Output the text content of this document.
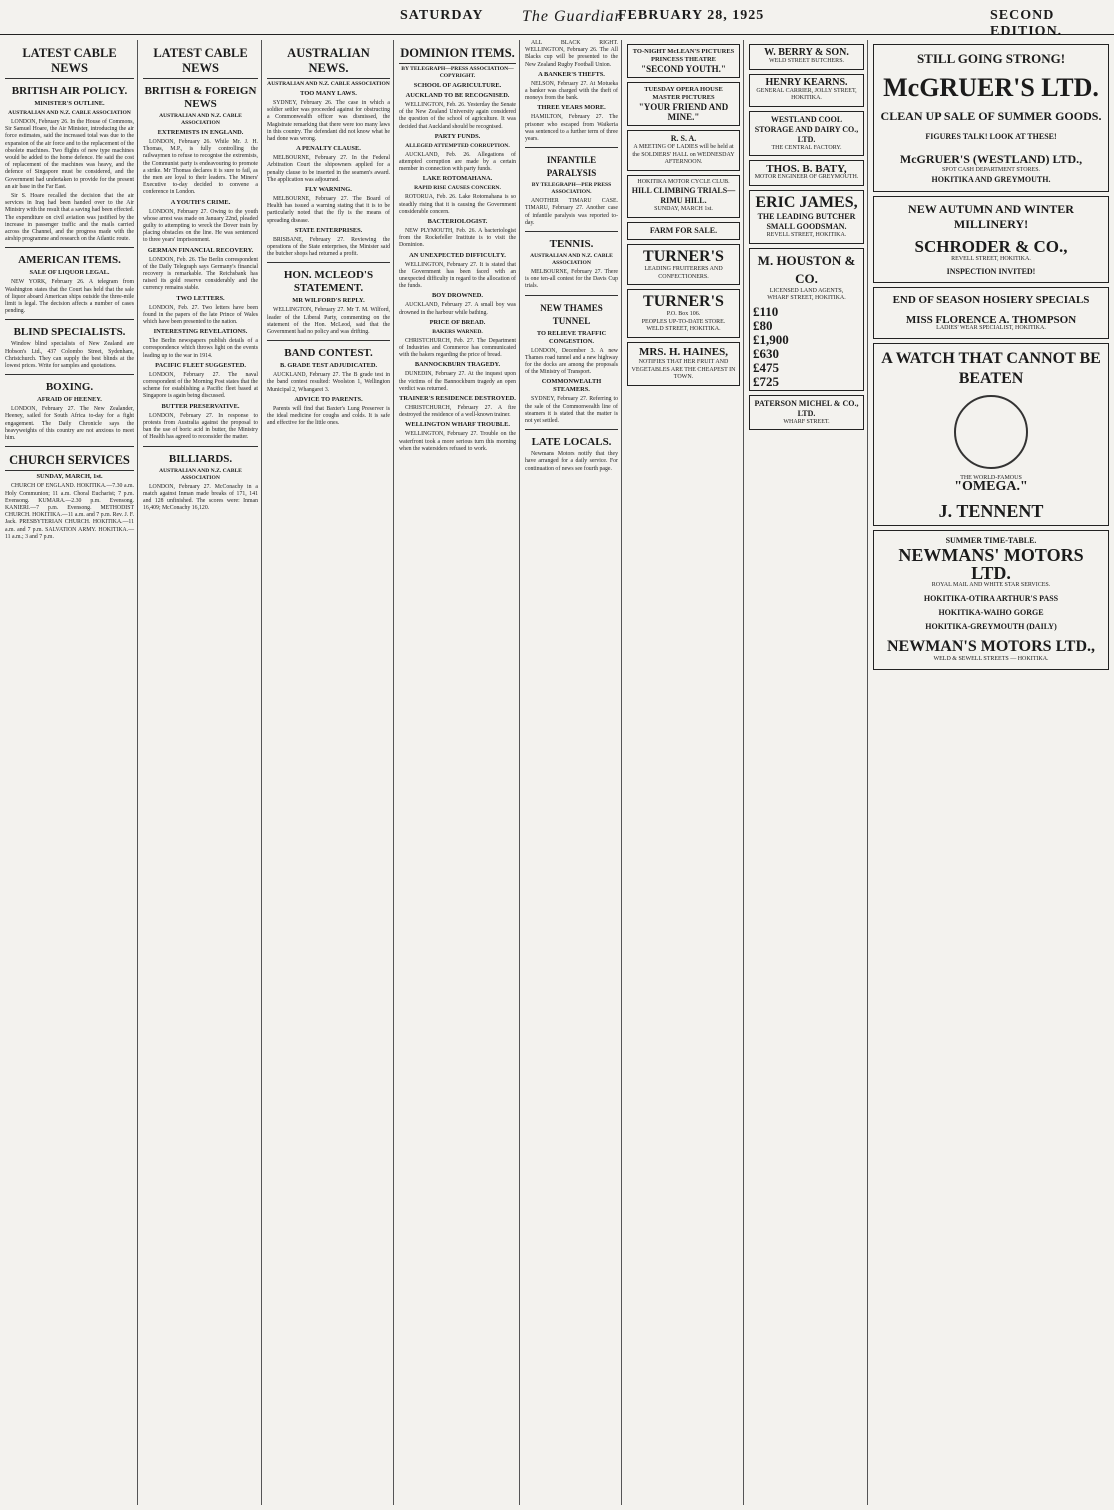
SATURDAY The Guardian
FEBRUARY 28, 1925	SECOND EDITION.
LATEST CABLE NEWS
BRITISH AIR POLICY.
MINISTER'S OUTLINE.
AUSTRALIAN AND N.Z. CABLE ASSOCIATION

LONDON, February 26. In the House of Commons, Sir Samuel Hoare, the Air Minister, introducing the air force estimates, said the increased total was due to the expansion of the air force and to the replacement of the obsolete machines. Two flights of new type machines would be added to the home defence. He said the cost of replacement of the machines was heavy, and the defence of Singapore must be considered, and the Government had undertaken to provide for the present an air base in the Far East.

Sir S. Hoare recalled the decision that the air services in Iraq had been handed over to the Air Ministry with the result that a saving had been effected. The expenditure on civil aviation was justified by the increase in passenger traffic and the mails carried across the Channel, and the progress made with the airship programme and research on the Atlantic route.

AMERICAN ITEMS.
SALE OF LIQUOR LEGAL.

NEW YORK, February 26. A telegram from Washington states that the Court has held that the sale of liquor aboard American ships outside the three-mile limit is legal. The decision affects a number of cases pending.

BLIND SPECIALISTS.

Window blind specialists of New Zealand are Hobson's Ltd., 437 Colombo Street, Sydenham, Christchurch. They can supply the best blinds at the lowest prices. Write for samples and quotations.

BOXING.
AFRAID OF HEENEY.

LONDON, February 27. The New Zealander, Heeney, sailed for South Africa to-day for a fight engagement. The Daily Chronicle says the heavyweights of this country are not anxious to meet him.

CHURCH SERVICES
SUNDAY, MARCH, 1st.

CHURCH OF ENGLAND. HOKITIKA.—7.30 a.m. Holy Communion; 11 a.m. Choral Eucharist; 7 p.m. Evensong. KUMARA.—2.30 p.m. Evensong. KANIERI.—7 p.m. Evensong. METHODIST CHURCH. HOKITIKA.—11 a.m. and 7 p.m. Rev. J. F. Jack. PRESBYTERIAN CHURCH. HOKITIKA.—11 a.m. and 7 p.m. SALVATION ARMY. HOKITIKA.—11 a.m.; 3 and 7 p.m.

LATEST CABLE NEWS
BRITISH & FOREIGN NEWS
AUSTRALIAN AND N.Z. CABLE ASSOCIATION
EXTREMISTS IN ENGLAND.

LONDON, February 26. While Mr. J. H. Thomas, M.P., is fully controlling the railwaymen to refuse to recognise the extremists, the Communist party is endeavouring to promote a strike. Mr Thomas declares it is sure to fail, as the men are loyal to their leaders. The Miners' Executive to-day decided to convene a conference in London.

A YOUTH'S CRIME.

LONDON, February 27. Owing to the youth whose arrest was made on January 22nd, pleaded guilty to attempting to wreck the Dover train by placing obstacles on the line. He was sentenced to three years' imprisonment.

GERMAN FINANCIAL RECOVERY.

LONDON, Feb. 26. The Berlin correspondent of the Daily Telegraph says Germany's financial recovery is remarkable. The Reichsbank has raised its gold reserve considerably and the currency remains stable.

TWO LETTERS.

LONDON, Feb. 27. Two letters have been found in the papers of the late Prince of Wales which have been presented to the nation.

INTERESTING REVELATIONS.

The Berlin newspapers publish details of a correspondence which throws light on the events leading up to the war in 1914.

PACIFIC FLEET SUGGESTED.

LONDON, February 27. The naval correspondent of the Morning Post states that the scheme for establishing a Pacific fleet based at Singapore is again being discussed.

BUTTER PRESERVATIVE.

LONDON, February 27. In response to protests from Australia against the proposal to ban the use of boric acid in butter, the Ministry of Health has agreed to reconsider the matter.

BILLIARDS.
AUSTRALIAN AND N.Z. CABLE ASSOCIATION

LONDON, February 27. McConachy in a match against Inman made breaks of 171, 141 and 128 unfinished. The scores were: Inman 16,409; McConachy 16,120.

AUSTRALIAN NEWS.
AUSTRALIAN AND N.Z. CABLE ASSOCIATION
TOO MANY LAWS.

SYDNEY, February 26. The case in which a soldier settler was proceeded against for obstructing a Commonwealth officer was dismissed, the Magistrate remarking that there were too many laws in this country. The defendant did not know what he had done was wrong.

A PENALTY CLAUSE.

MELBOURNE, February 27. In the Federal Arbitration Court the shipowners applied for a penalty clause to be inserted in the seamen's award. The application was adjourned.

FLY WARNING.

MELBOURNE, February 27. The Board of Health has issued a warning stating that it is to be particularly noted that the fly is the means of spreading disease.

STATE ENTERPRISES.

BRISBANE, February 27. Reviewing the operations of the State enterprises, the Minister said the butcher shops had returned a profit.

HON. MCLEOD'S STATEMENT.
MR WILFORD'S REPLY.

WELLINGTON, February 27. Mr T. M. Wilford, leader of the Liberal Party, commenting on the statement of the Hon. McLeod, said that the Government had no policy and was drifting.

BAND CONTEST.
B. GRADE TEST ADJUDICATED.

AUCKLAND, February 27. The B grade test in the band contest resulted: Woolston 1, Wellington Municipal 2, Whangarei 3.

ADVICE TO PARENTS.

Parents will find that Baxter's Lung Preserver is the ideal medicine for coughs and colds. It is safe and effective for the little ones.

DOMINION ITEMS.
BY TELEGRAPH—PRESS ASSOCIATION—COPYRIGHT.
SCHOOL OF AGRICULTURE.
AUCKLAND TO BE RECOGNISED.

WELLINGTON, Feb. 26. Yesterday the Senate of the New Zealand University again considered the question of the school of agriculture. It was decided that Auckland should be recognised.

PARTY FUNDS.
ALLEGED ATTEMPTED CORRUPTION.

AUCKLAND, Feb. 26. Allegations of attempted corruption are made by a certain member in connection with party funds.

LAKE ROTOMAHANA.
RAPID RISE CAUSES CONCERN.

ROTORUA, Feb. 26. Lake Rotomahana is so steadily rising that it is causing the Government considerable concern.

BACTERIOLOGIST.

NEW PLYMOUTH, Feb. 26. A bacteriologist from the Rockefeller Institute is to visit the Dominion.

AN UNEXPECTED DIFFICULTY.

WELLINGTON, February 27. It is stated that the Government has been faced with an unexpected difficulty in regard to the allocation of the funds.

BOY DROWNED.

AUCKLAND, February 27. A small boy was drowned in the harbour while bathing.

PRICE OF BREAD.
BAKERS WARNED.

CHRISTCHURCH, Feb. 27. The Department of Industries and Commerce has communicated with the bakers regarding the price of bread.

BANNOCKBURN TRAGEDY.

DUNEDIN, February 27. At the inquest upon the victims of the Bannockburn tragedy an open verdict was returned.

TRAINER'S RESIDENCE DESTROYED.

CHRISTCHURCH, February 27. A fire destroyed the residence of a well-known trainer.

WELLINGTON WHARF TROUBLE.

WELLINGTON, February 27. Trouble on the waterfront took a more serious turn this morning when the watersiders refused to work.

ALL BLACK RIGHT. WELLINGTON, February 26. The All Blacks cup will be presented to the New Zealand Rugby Football Union.

A BANKER'S THEFTS.

NELSON, February 27. At Motueka a banker was charged with the theft of moneys from the bank.

THREE YEARS MORE.

HAMILTON, February 27. The prisoner who escaped from Waikeria was sentenced to a further term of three years.

INFANTILE PARALYSIS
BY TELEGRAPH—PER PRESS ASSOCIATION.

ANOTHER TIMARU CASE. TIMARU, February 27. Another case of infantile paralysis was reported to-day.

TENNIS.
AUSTRALIAN AND N.Z. CABLE ASSOCIATION

MELBOURNE, February 27. There is one ten-all contest for the Davis Cup trials.

NEW THAMES TUNNEL
TO RELIEVE TRAFFIC CONGESTION.

LONDON, December 3. A new Thames road tunnel and a new highway for the docks are among the proposals of the Ministry of Transport.

COMMONWEALTH STEAMERS.

SYDNEY, February 27. Referring to the sale of the Commonwealth line of steamers it is stated that the matter is not yet settled.

LATE LOCALS.

Newmans Motors notify that they have arranged for a daily service. For continuation of news see fourth page.

TO-NIGHT McLEAN'S PICTURES PRINCESS THEATRE
"SECOND YOUTH."
TUESDAY OPERA HOUSE MASTER PICTURES
"YOUR FRIEND AND MINE."
R. S. A.
A MEETING OF LADIES will be held at the SOLDIERS' HALL on WEDNESDAY AFTERNOON.
HOKITIKA MOTOR CYCLE CLUB.
HILL CLIMBING TRIALS— RIMU HILL.
SUNDAY, MARCH 1st.
FARM FOR SALE.
TURNER'S
LEADING FRUITERERS AND CONFECTIONERS.
TURNER'S
P.O. Box 106.
PEOPLES UP-TO-DATE STORE.
WELD STREET, HOKITIKA.
MRS. H. HAINES,
NOTIFIES THAT HER FRUIT AND VEGETABLES ARE THE CHEAPEST IN TOWN.
W. BERRY & SON.
WELD STREET BUTCHERS.
HENRY KEARNS.
GENERAL CARRIER, JOLLY STREET, HOKITIKA.
WESTLAND COOL STORAGE AND DAIRY CO., LTD.
THE CENTRAL FACTORY.
THOS. B. BATY,
MOTOR ENGINEER OF GREYMOUTH.
ERIC JAMES,
THE LEADING BUTCHER
SMALL GOODSMAN.
REVELL STREET, HOKITIKA.
M. HOUSTON & CO.
LICENSED LAND AGENTS,
WHARF STREET, HOKITIKA.
£110
£80
£1,900
£630
£475
£725
PATERSON MICHEL & CO., LTD.
WHARF STREET.
STILL GOING STRONG!
McGRUER'S LTD.
CLEAN UP SALE OF SUMMER GOODS.
FIGURES TALK! LOOK AT THESE!
McGRUER'S (WESTLAND) LTD.,
SPOT CASH DEPARTMENT STORES.
HOKITIKA AND GREYMOUTH.
NEW AUTUMN AND WINTER MILLINERY!
SCHRODER & CO.,
REVELL STREET, HOKITIKA.
INSPECTION INVITED!
END OF SEASON HOSIERY SPECIALS
MISS FLORENCE A. THOMPSON
LADIES' WEAR SPECIALIST, HOKITIKA.
A WATCH THAT CANNOT BE BEATEN
THE WORLD-FAMOUS
"OMEGA."
J. TENNENT
SUMMER TIME-TABLE.
NEWMANS' MOTORS LTD.
ROYAL MAIL AND WHITE STAR SERVICES.
HOKITIKA-OTIRA ARTHUR'S PASS
HOKITIKA-WAIHO GORGE
HOKITIKA-GREYMOUTH (DAILY)
NEWMAN'S MOTORS LTD.,
WELD & SEWELL STREETS — HOKITIKA.
